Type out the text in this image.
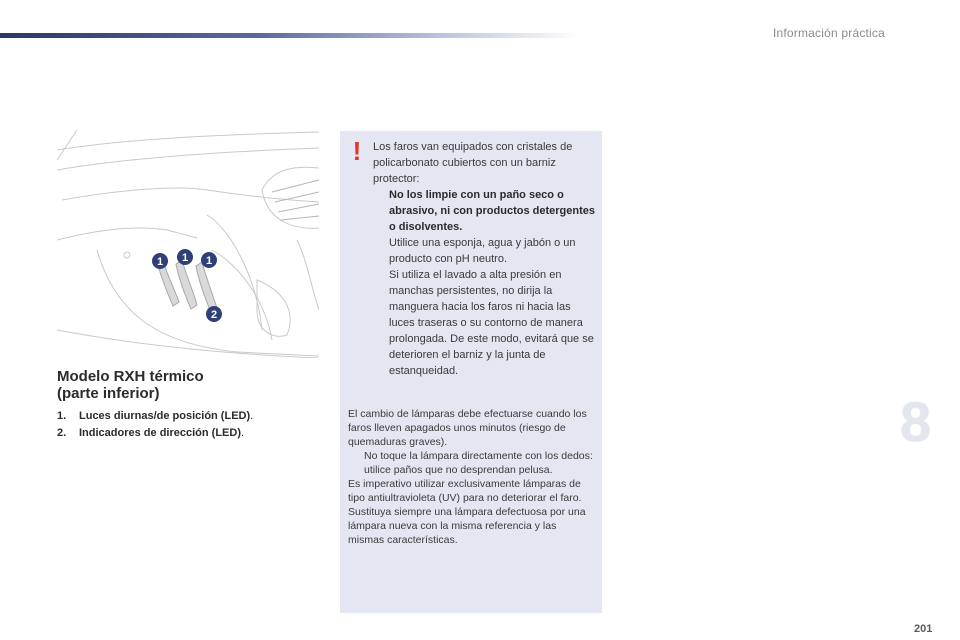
Información práctica
1 1 1
2
Modelo RXH térmico
(parte inferior)
1. Luces diurnas/de posición (LED).
2. Indicadores de dirección (LED).
! Los faros van equipados con cristales de policarbonato cubiertos con un barniz protector:

No los limpie con un paño seco o abrasivo, ni con productos detergentes o disolventes.
Utilice una esponja, agua y jabón o un producto con pH neutro.
Si utiliza el lavado a alta presión en manchas persistentes, no dirija la manguera hacia los faros ni hacia las luces traseras o su contorno de manera prolongada. De este modo, evitará que se deterioren el barniz y la junta de estanqueidad.

El cambio de lámparas debe efectuarse cuando los faros lleven apagados unos minutos (riesgo de quemaduras graves).

No toque la lámpara directamente con los dedos: utilice paños que no desprendan pelusa.

Es imperativo utilizar exclusivamente lámparas de tipo antiultravioleta (UV) para no deteriorar el faro.

Sustituya siempre una lámpara defectuosa por una lámpara nueva con la misma referencia y las mismas características.

8
201
